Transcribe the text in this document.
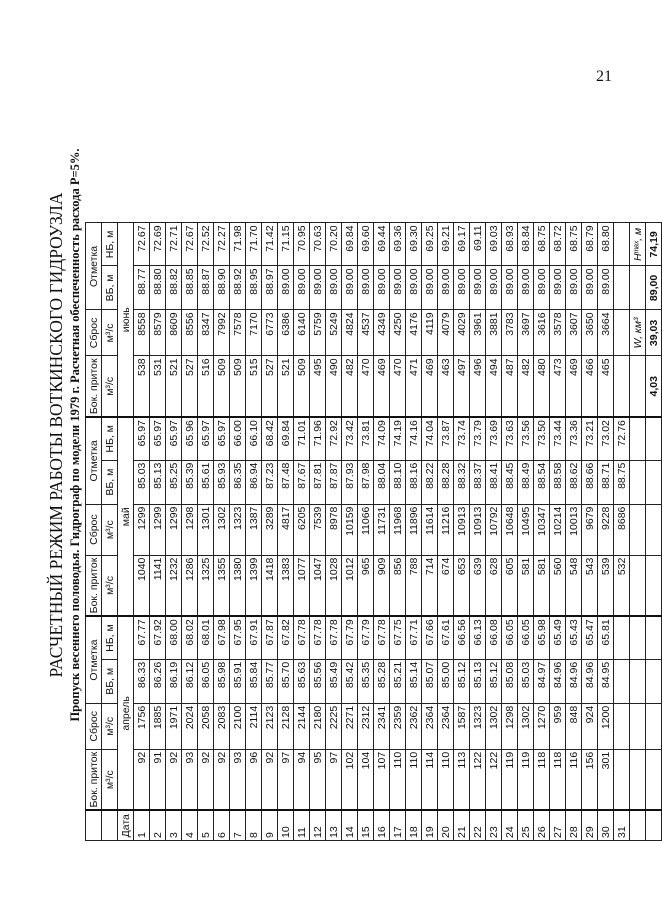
21
РАСЧЕТНЫЙ РЕЖИМ РАБОТЫ ВОТКИНСКОГО ГИДРОУЗЛА Пропуск весеннего половодья. Гидрограф по модели 1979 г. Расчетная обеспеченность расхода P=5%.
	Бок. приток	Сброс	Отметка		Бок. приток	Сброс	Отметка		Бок. приток	Сброс	Отметка	
	м³/с	м³/с	ВБ, м	НБ, м	м³/с	м³/с	ВБ, м	НБ, м	м³/с	м³/с	ВБ, м	НБ, м
Дата	апрель				май				июнь			
1	92	1756	86.33	67.77	1040	1299	85.03	65.97	538	8558	88.77	72.67
2	91	1885	86.26	67.92	1141	1299	85.13	65.97	531	8579	88.80	72.69
3	92	1971	86.19	68.00	1232	1299	85.25	65.97	521	8609	88.82	72.71
4	93	2024	86.12	68.02	1286	1298	85.39	65.96	527	8556	88.85	72.67
5	92	2058	86.05	68.01	1325	1301	85.61	65.97	516	8347	88.87	72.52
6	92	2083	85.98	67.98	1355	1302	85.93	65.97	509	7992	88.90	72.27
7	93	2100	85.91	67.95	1380	1323	86.35	66.00	509	7578	88.92	71.98
8	96	2114	85.84	67.91	1399	1387	86.94	66.10	515	7170	88.95	71.70
9	92	2123	85.77	67.87	1418	3289	87.23	68.42	527	6773	88.97	71.42
10	97	2128	85.70	67.82	1383	4817	87.48	69.84	521	6386	89.00	71.15
11	94	2144	85.63	67.78	1077	6205	87.67	71.01	509	6140	89.00	70.95
12	95	2180	85.56	67.78	1047	7539	87.81	71.96	495	5759	89.00	70.63
13	97	2225	85.49	67.78	1028	8978	87.87	72.92	490	5249	89.00	70.20
14	102	2271	85.42	67.79	1012	10159	87.93	73.42	482	4824	89.00	69.84
15	104	2312	85.35	67.79	965	11066	87.98	73.81	470	4537	89.00	69.60
16	107	2341	85.28	67.78	909	11731	88.04	74.09	469	4349	89.00	69.44
17	110	2359	85.21	67.75	856	11968	88.10	74.19	470	4250	89.00	69.36
18	110	2362	85.14	67.71	788	11896	88.16	74.16	471	4176	89.00	69.30
19	114	2364	85.07	67.66	714	11614	88.22	74.04	469	4119	89.00	69.25
20	110	2364	85.00	67.61	674	11216	88.28	73.87	463	4079	89.00	69.21
21	113	1587	85.12	66.56	653	10913	88.32	73.74	497	4029	89.00	69.17
22	122	1323	85.13	66.13	639	10913	88.37	73.79	496	3961	89.00	69.11
23	122	1302	85.12	66.08	628	10792	88.41	73.69	494	3881	89.00	69.03
24	119	1298	85.08	66.05	605	10648	88.45	73.63	487	3783	89.00	68.93
25	119	1302	85.03	66.05	581	10495	88.49	73.56	482	3697	89.00	68.84
26	118	1270	84.97	65.98	581	10347	88.54	73.50	480	3616	89.00	68.75
27	118	959	84.96	65.49	560	10214	88.58	73.44	473	3578	89.00	68.72
28	116	848	84.96	65.43	548	10013	88.62	73.36	469	3607	89.00	68.75
29	156	924	84.96	65.47	543	9679	88.66	73.21	466	3650	89.00	68.79
30	301	1200	84.95	65.81	539	9228	88.71	73.02	465	3664	89.00	68.80
31					532	8686	88.75	72.76				
										W, км³		Hᵐᵃˣ, м
									4,03	39,03	89,00	74,19
